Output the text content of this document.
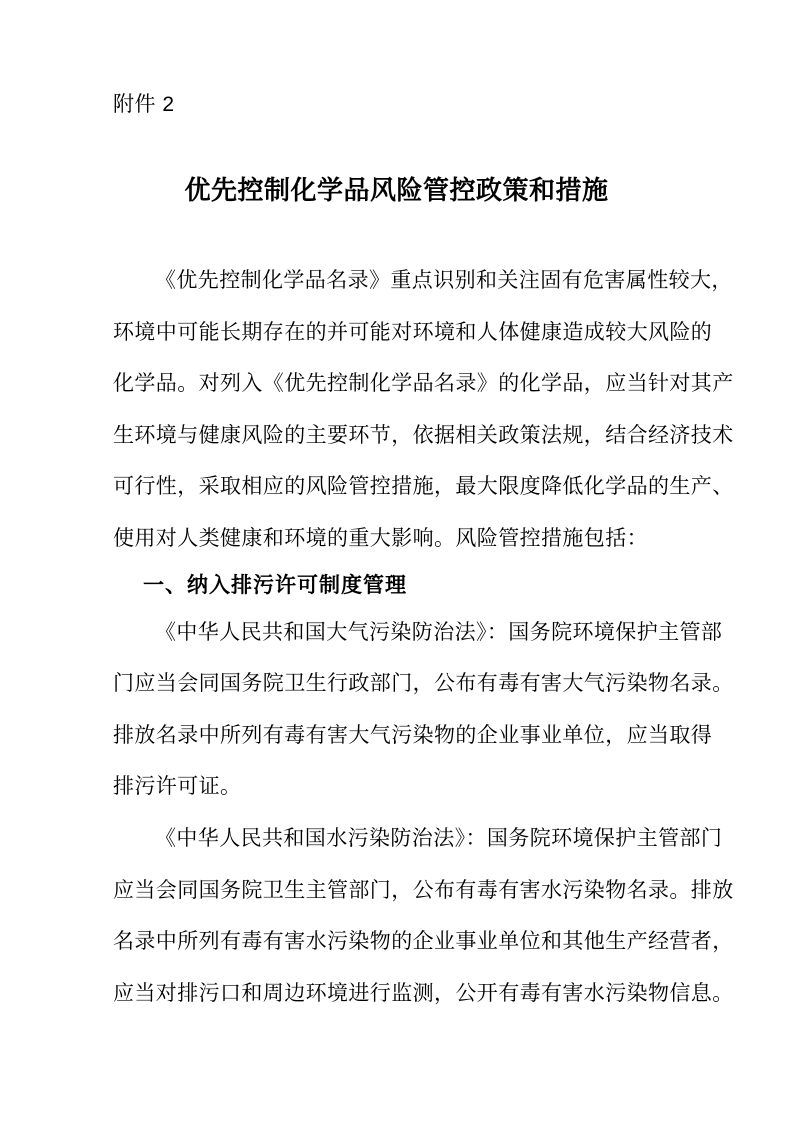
附件 2
优先控制化学品风险管控政策和措施
《优先控制化学品名录》重点识别和关注固有危害属性较大，
环境中可能长期存在的并可能对环境和人体健康造成较大风险的
化学品。对列入《优先控制化学品名录》的化学品，应当针对其产
生环境与健康风险的主要环节，依据相关政策法规，结合经济技术
可行性，采取相应的风险管控措施，最大限度降低化学品的生产、
使用对人类健康和环境的重大影响。风险管控措施包括：
一、纳入排污许可制度管理
《中华人民共和国大气污染防治法》：国务院环境保护主管部
门应当会同国务院卫生行政部门，公布有毒有害大气污染物名录。
排放名录中所列有毒有害大气污染物的企业事业单位，应当取得
排污许可证。
《中华人民共和国水污染防治法》：国务院环境保护主管部门
应当会同国务院卫生主管部门，公布有毒有害水污染物名录。排放
名录中所列有毒有害水污染物的企业事业单位和其他生产经营者，
应当对排污口和周边环境进行监测，公开有毒有害水污染物信息。
